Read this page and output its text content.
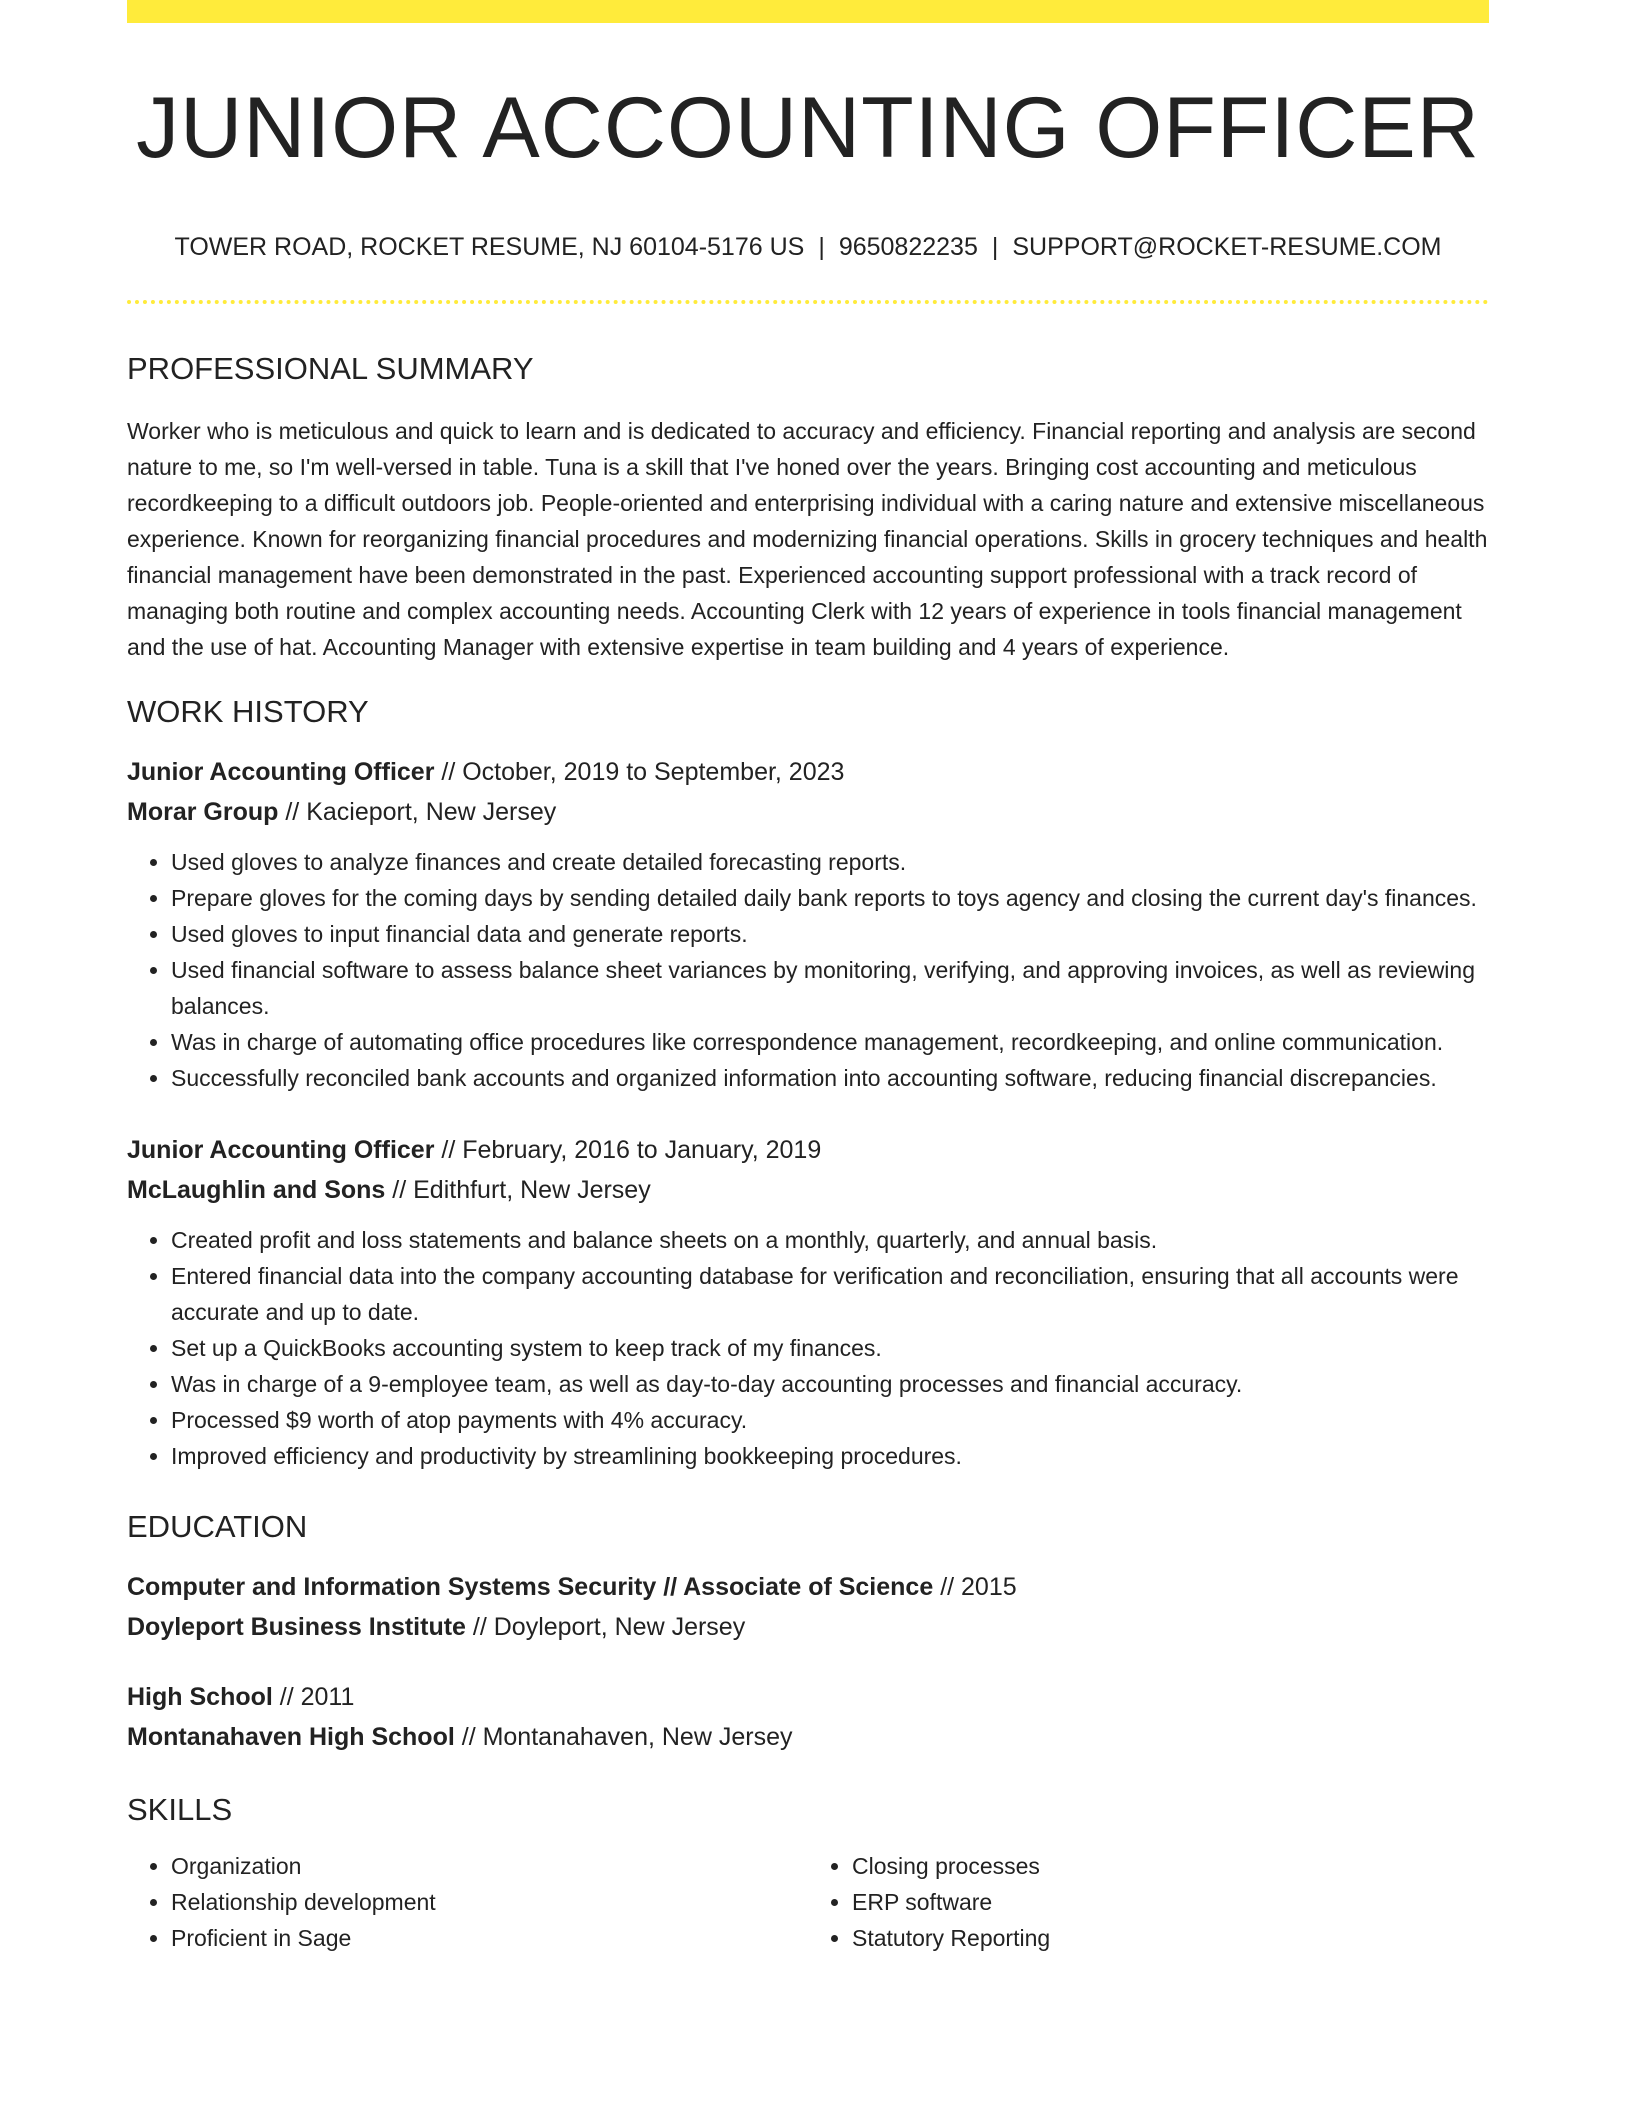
JUNIOR ACCOUNTING OFFICER
TOWER ROAD, ROCKET RESUME, NJ 60104-5176 US | 9650822235 | SUPPORT@ROCKET-RESUME.COM
PROFESSIONAL SUMMARY

Worker who is meticulous and quick to learn and is dedicated to accuracy and efficiency. Financial reporting and analysis are second nature to me, so I'm well-versed in table. Tuna is a skill that I've honed over the years. Bringing cost accounting and meticulous recordkeeping to a difficult outdoors job. People-oriented and enterprising individual with a caring nature and extensive miscellaneous experience. Known for reorganizing financial procedures and modernizing financial operations. Skills in grocery techniques and health financial management have been demonstrated in the past. Experienced accounting support professional with a track record of managing both routine and complex accounting needs. Accounting Clerk with 12 years of experience in tools financial management and the use of hat. Accounting Manager with extensive expertise in team building and 4 years of experience.

WORK HISTORY
Junior Accounting Officer // October, 2019 to September, 2023
Morar Group // Kacieport, New Jersey
• Used gloves to analyze finances and create detailed forecasting reports.
• Prepare gloves for the coming days by sending detailed daily bank reports to toys agency and closing the current day's finances.
• Used gloves to input financial data and generate reports.
• Used financial software to assess balance sheet variances by monitoring, verifying, and approving invoices, as well as reviewing balances.
• Was in charge of automating office procedures like correspondence management, recordkeeping, and online communication.
• Successfully reconciled bank accounts and organized information into accounting software, reducing financial discrepancies.
Junior Accounting Officer // February, 2016 to January, 2019
McLaughlin and Sons // Edithfurt, New Jersey
• Created profit and loss statements and balance sheets on a monthly, quarterly, and annual basis.
• Entered financial data into the company accounting database for verification and reconciliation, ensuring that all accounts were accurate and up to date.
• Set up a QuickBooks accounting system to keep track of my finances.
• Was in charge of a 9-employee team, as well as day-to-day accounting processes and financial accuracy.
• Processed $9 worth of atop payments with 4% accuracy.
• Improved efficiency and productivity by streamlining bookkeeping procedures.
EDUCATION
Computer and Information Systems Security // Associate of Science // 2015
Doyleport Business Institute // Doyleport, New Jersey
High School // 2011
Montanahaven High School // Montanahaven, New Jersey
SKILLS
• Organization
• Relationship development
• Proficient in Sage
• Closing processes
• ERP software
• Statutory Reporting
